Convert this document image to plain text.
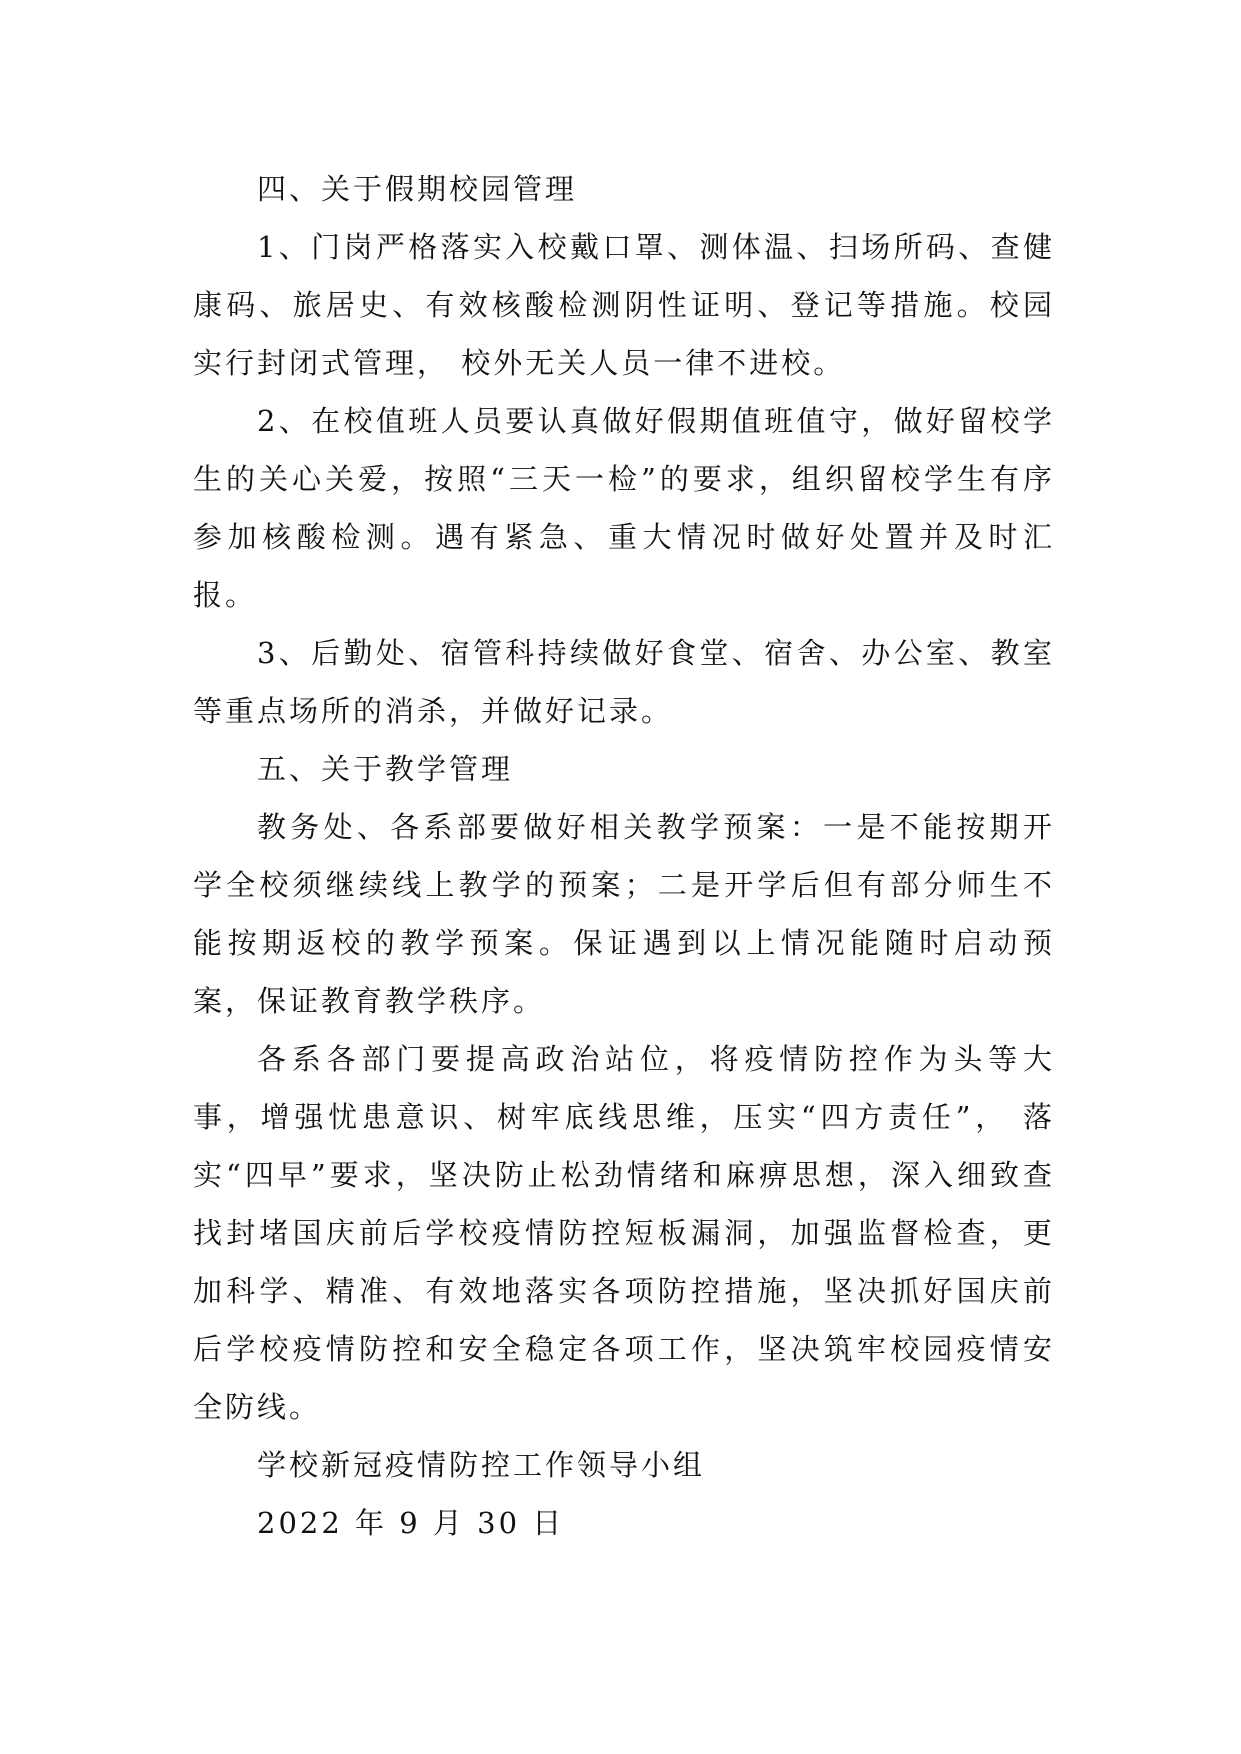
四、关于假期校园管理

1、门岗严格落实入校戴口罩、测体温、扫场所码、查健康码、旅居史、有效核酸检测阴性证明、登记等措施。校园实行封闭式管理， 校外无关人员一律不进校。

2、在校值班人员要认真做好假期值班值守，做好留校学生的关心关爱，按照“三天一检”的要求，组织留校学生有序参加核酸检测。遇有紧急、重大情况时做好处置并及时汇报。

3、后勤处、宿管科持续做好食堂、宿舍、办公室、教室等重点场所的消杀，并做好记录。

五、关于教学管理

教务处、各系部要做好相关教学预案：一是不能按期开学全校须继续线上教学的预案；二是开学后但有部分师生不能按期返校的教学预案。保证遇到以上情况能随时启动预案，保证教育教学秩序。

各系各部门要提高政治站位，将疫情防控作为头等大事，增强忧患意识、树牢底线思维，压实“四方责任”， 落实“四早”要求，坚决防止松劲情绪和麻痹思想，深入细致查找封堵国庆前后学校疫情防控短板漏洞，加强监督检查，更加科学、精准、有效地落实各项防控措施，坚决抓好国庆前后学校疫情防控和安全稳定各项工作，坚决筑牢校园疫情安全防线。

学校新冠疫情防控工作领导小组

2022 年 9 月 30 日
